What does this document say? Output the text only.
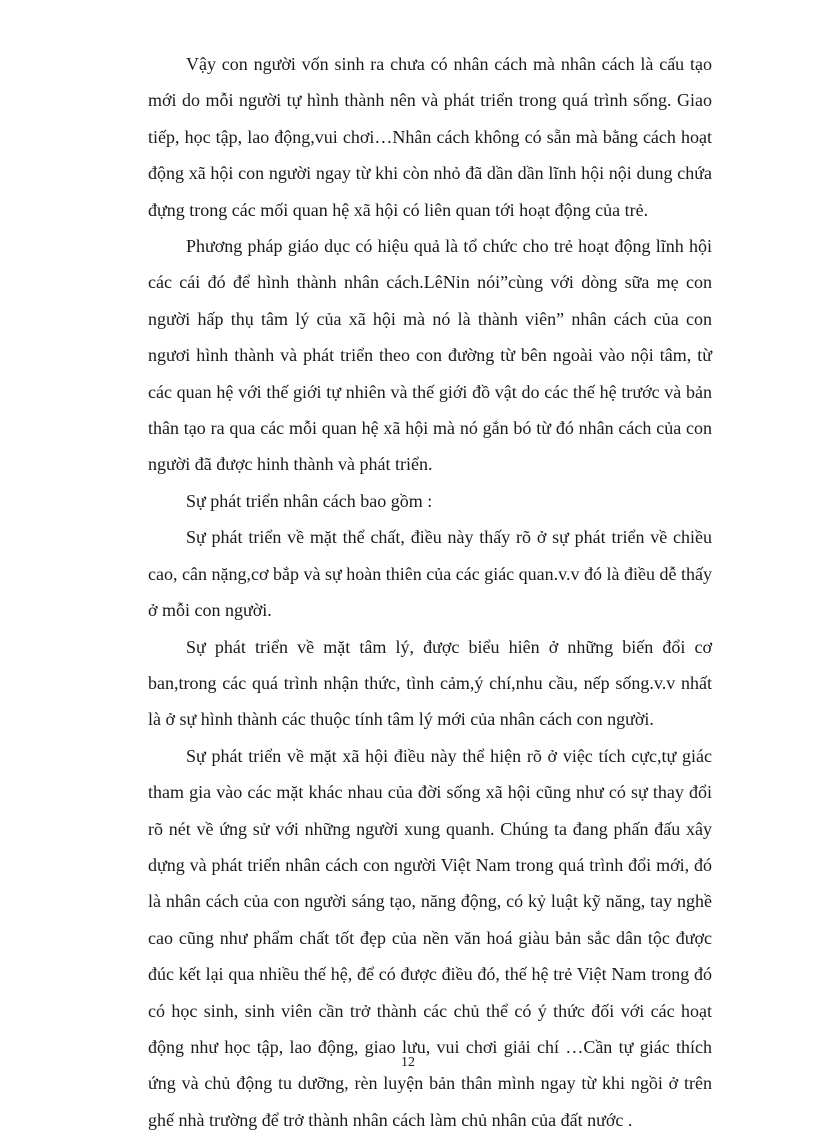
Vậy con người vốn sinh ra chưa có nhân cách mà nhân cách là cấu tạo mới do mỗi người tự hình thành nên và phát triển trong quá trình sống. Giao tiếp, học tập, lao động,vui chơi…Nhân cách không có sẵn mà bằng cách hoạt động xã hội con người ngay từ khi còn nhỏ đã dần dần lĩnh hội nội dung chứa đựng trong các mối quan hệ xã hội có liên quan tới hoạt động của trẻ.

Phương pháp giáo dục có hiệu quả là tổ chức cho trẻ hoạt động lĩnh hội các cái đó để hình thành nhân cách.LêNin nói”cùng với dòng sữa mẹ con người hấp thụ tâm lý của xã hội mà nó là thành viên” nhân cách của con ngươi hình thành và phát triển theo con đường từ bên ngoài vào nội tâm, từ các quan hệ với thế giới tự nhiên và thế giới đồ vật do các thế hệ trước và bản thân tạo ra qua các mỗi quan hệ xã hội mà nó gắn bó từ đó nhân cách của con người đã được hinh thành và phát triển.

Sự phát triển nhân cách bao gồm :

Sự phát triển về mặt thể chất, điều này thấy rõ ở sự phát triển về chiều cao, cân nặng,cơ bắp và sự hoàn thiên của các giác quan.v.v đó là điều dễ thấy ở mỗi con người.

Sự phát triển về mặt tâm lý, được biểu hiên ở những biến đổi cơ ban,trong các quá trình nhận thức, tình cảm,ý chí,nhu cầu, nếp sống.v.v nhất là ở sự hình thành các thuộc tính tâm lý mới của nhân cách con người.

Sự phát triển về mặt xã hội điều này thể hiện rõ ở việc tích cực,tự giác tham gia vào các mặt khác nhau của đời sống xã hội cũng như có sự thay đổi rõ nét về ứng sử với những người xung quanh. Chúng ta đang phấn đấu xây dựng và phát triển nhân cách con người Việt Nam trong quá trình đổi mới, đó là nhân cách của con người sáng tạo, năng động, có kỷ luật kỹ năng, tay nghề cao cũng như phẩm chất tốt đẹp của nền văn hoá giàu bản sắc dân tộc được đúc kết lại qua nhiều thế hệ, để có được điều đó, thế hệ trẻ Việt Nam trong đó có học sinh, sinh viên cần trở thành các chủ thể có ý thức đối với các hoạt động như học tập, lao động, giao lưu, vui chơi giải chí …Cần tự giác thích ứng và chủ động tu dưỡng, rèn luyện bản thân mình ngay từ khi ngồi ở trên ghế nhà trường để trở thành nhân cách làm chủ nhân của đất nước .

12
